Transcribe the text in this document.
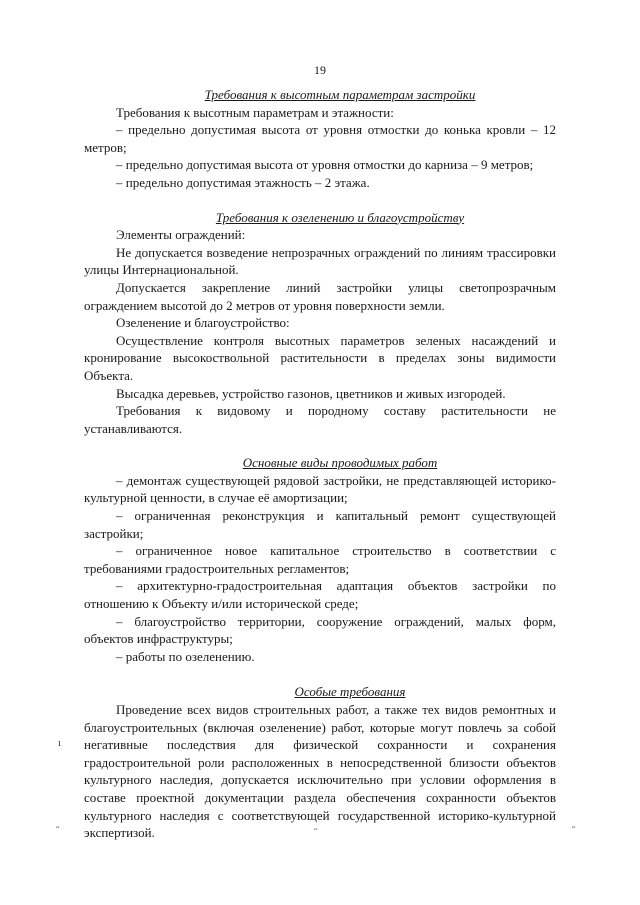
19
Требования к высотным параметрам застройки

Требования к высотным параметрам и этажности:

– предельно допустимая высота от уровня отмостки до конька кровли – 12 метров;

– предельно допустимая высота от уровня отмостки до карниза – 9 метров;

– предельно допустимая этажность – 2 этажа.

Требования к озеленению и благоустройству

Элементы ограждений:

Не допускается возведение непрозрачных ограждений по линиям трассировки улицы Интернациональной.

Допускается закрепление линий застройки улицы светопрозрачным ограждением высотой до 2 метров от уровня поверхности земли.

Озеленение и благоустройство:

Осуществление контроля высотных параметров зеленых насаждений и кронирование высокоствольной растительности в пределах зоны видимости Объекта.

Высадка деревьев, устройство газонов, цветников и живых изгородей.

Требования к видовому и породному составу растительности не устанавливаются.

Основные виды проводимых работ

– демонтаж существующей рядовой застройки, не представляющей историко-культурной ценности, в случае её амортизации;

– ограниченная реконструкция и капитальный ремонт существующей застройки;

– ограниченное новое капитальное строительство в соответствии с требованиями градостроительных регламентов;

– архитектурно-градостроительная адаптация объектов застройки по отношению к Объекту и/или исторической среде;

– благоустройство территории, сооружение ограждений, малых форм, объектов инфраструктуры;

– работы по озеленению.

Особые требования

Проведение всех видов строительных работ, а также тех видов ремонтных и благоустроительных (включая озеленение) работ, которые могут повлечь за собой негативные последствия для физической сохранности и сохранения градостроительной роли расположенных в непосредственной близости объектов культурного наследия, допускается исключительно при условии оформления в составе проектной документации раздела обеспечения сохранности объектов культурного наследия с соответствующей государственной историко-культурной экспертизой.

ı
˝	˝	˝
